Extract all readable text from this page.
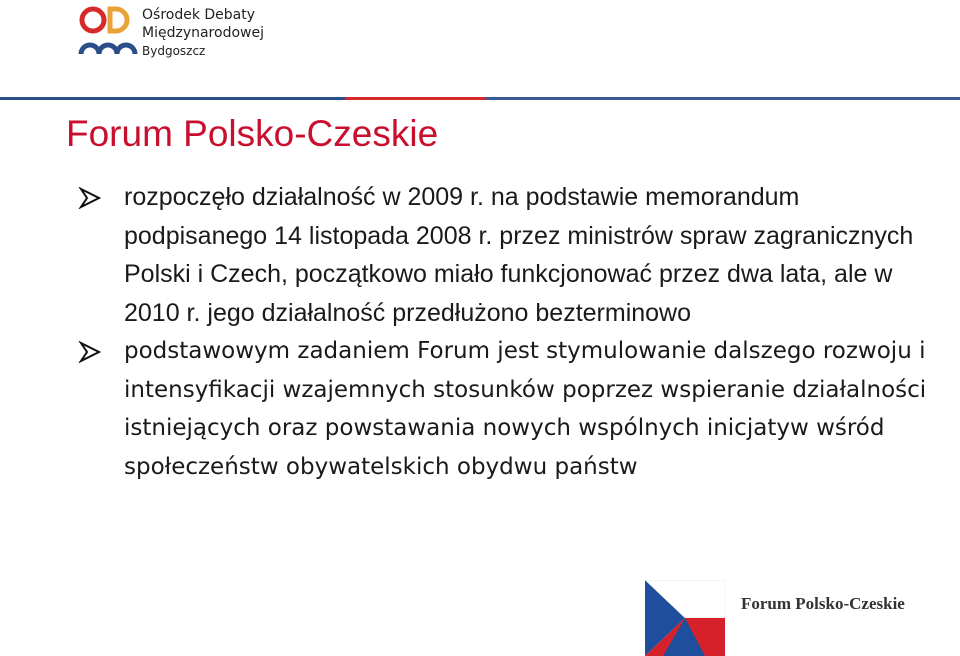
Ośrodek Debaty
Międzynarodowej
Bydgoszcz
Forum Polsko-Czeskie
rozpoczęło działalność w 2009 r. na podstawie memorandum podpisanego 14 listopada 2008 r. przez ministrów spraw zagranicznych Polski i Czech, początkowo miało funkcjonować przez dwa lata, ale w 2010 r. jego działalność przedłużono bezterminowo
podstawowym zadaniem Forum jest stymulowanie dalszego rozwoju i intensyfikacji wzajemnych stosunków poprzez wspieranie działalności istniejących oraz powstawania nowych wspólnych inicjatyw wśród społeczeństw obywatelskich obydwu państw
Forum Polsko-Czeskie
